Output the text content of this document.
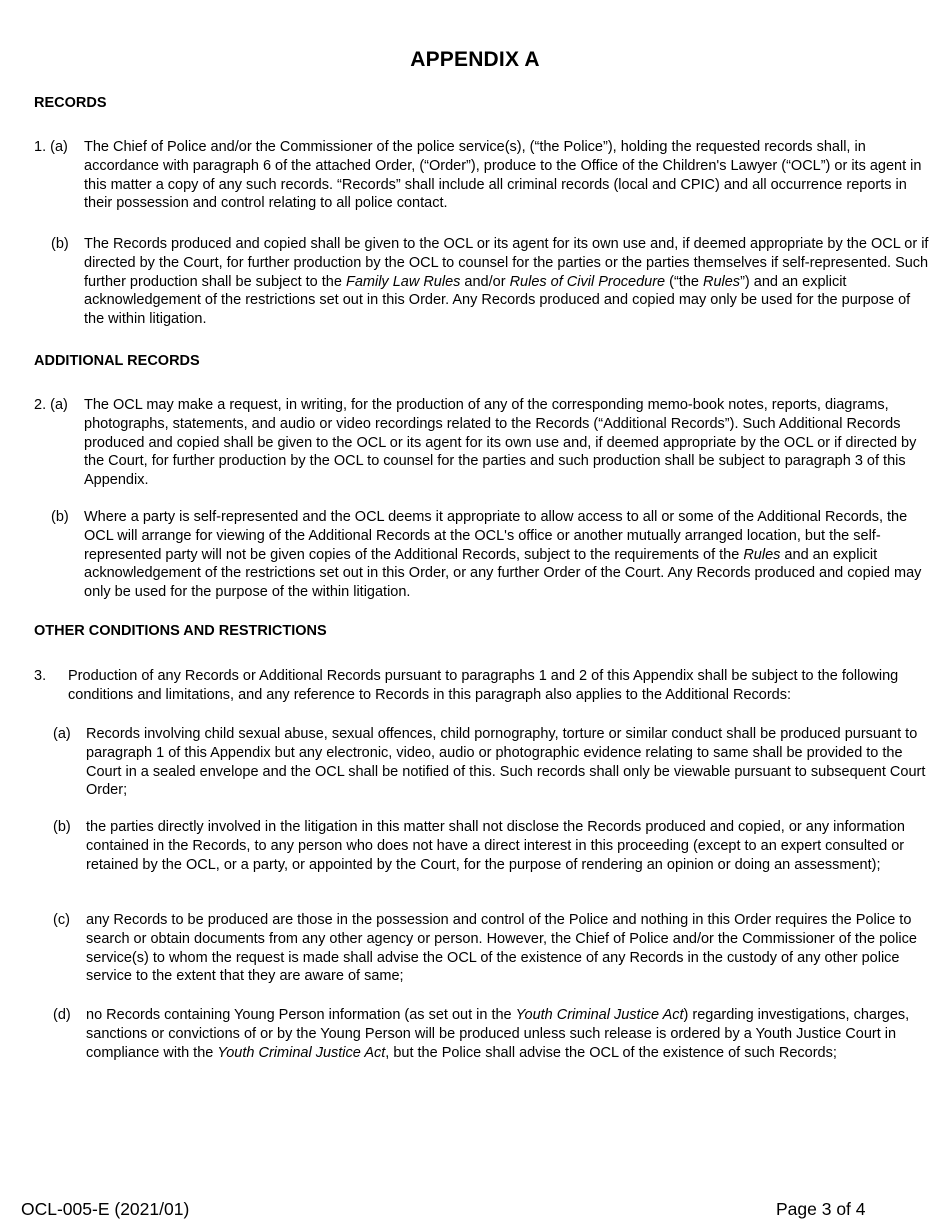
APPENDIX A
RECORDS
1. (a) The Chief of Police and/or the Commissioner of the police service(s), (“the Police”), holding the requested records shall, in accordance with paragraph 6 of the attached Order, (“Order”), produce to the Office of the Children's Lawyer (“OCL”) or its agent in this matter a copy of any such records. “Records” shall include all criminal records (local and CPIC) and all occurrence reports in their possession and control relating to all police contact.
(b) The Records produced and copied shall be given to the OCL or its agent for its own use and, if deemed appropriate by the OCL or if directed by the Court, for further production by the OCL to counsel for the parties or the parties themselves if self-represented. Such further production shall be subject to the Family Law Rules and/or Rules of Civil Procedure (“the Rules”) and an explicit acknowledgement of the restrictions set out in this Order. Any Records produced and copied may only be used for the purpose of the within litigation.
ADDITIONAL RECORDS
2. (a) The OCL may make a request, in writing, for the production of any of the corresponding memo-book notes, reports, diagrams, photographs, statements, and audio or video recordings related to the Records (“Additional Records”). Such Additional Records produced and copied shall be given to the OCL or its agent for its own use and, if deemed appropriate by the OCL or if directed by the Court, for further production by the OCL to counsel for the parties and such production shall be subject to paragraph 3 of this Appendix.
(b) Where a party is self-represented and the OCL deems it appropriate to allow access to all or some of the Additional Records, the OCL will arrange for viewing of the Additional Records at the OCL's office or another mutually arranged location, but the self-represented party will not be given copies of the Additional Records, subject to the requirements of the Rules and an explicit acknowledgement of the restrictions set out in this Order, or any further Order of the Court. Any Records produced and copied may only be used for the purpose of the within litigation.
OTHER CONDITIONS AND RESTRICTIONS
3. Production of any Records or Additional Records pursuant to paragraphs 1 and 2 of this Appendix shall be subject to the following conditions and limitations, and any reference to Records in this paragraph also applies to the Additional Records:
(a) Records involving child sexual abuse, sexual offences, child pornography, torture or similar conduct shall be produced pursuant to paragraph 1 of this Appendix but any electronic, video, audio or photographic evidence relating to same shall be provided to the Court in a sealed envelope and the OCL shall be notified of this. Such records shall only be viewable pursuant to subsequent Court Order;
(b) the parties directly involved in the litigation in this matter shall not disclose the Records produced and copied, or any information contained in the Records, to any person who does not have a direct interest in this proceeding (except to an expert consulted or retained by the OCL, or a party, or appointed by the Court, for the purpose of rendering an opinion or doing an assessment);
(c) any Records to be produced are those in the possession and control of the Police and nothing in this Order requires the Police to search or obtain documents from any other agency or person. However, the Chief of Police and/or the Commissioner of the police service(s) to whom the request is made shall advise the OCL of the existence of any Records in the custody of any other police service to the extent that they are aware of same;
(d) no Records containing Young Person information (as set out in the Youth Criminal Justice Act) regarding investigations, charges, sanctions or convictions of or by the Young Person will be produced unless such release is ordered by a Youth Justice Court in compliance with the Youth Criminal Justice Act, but the Police shall advise the OCL of the existence of such Records;
OCL-005-E (2021/01)	Page 3 of 4
